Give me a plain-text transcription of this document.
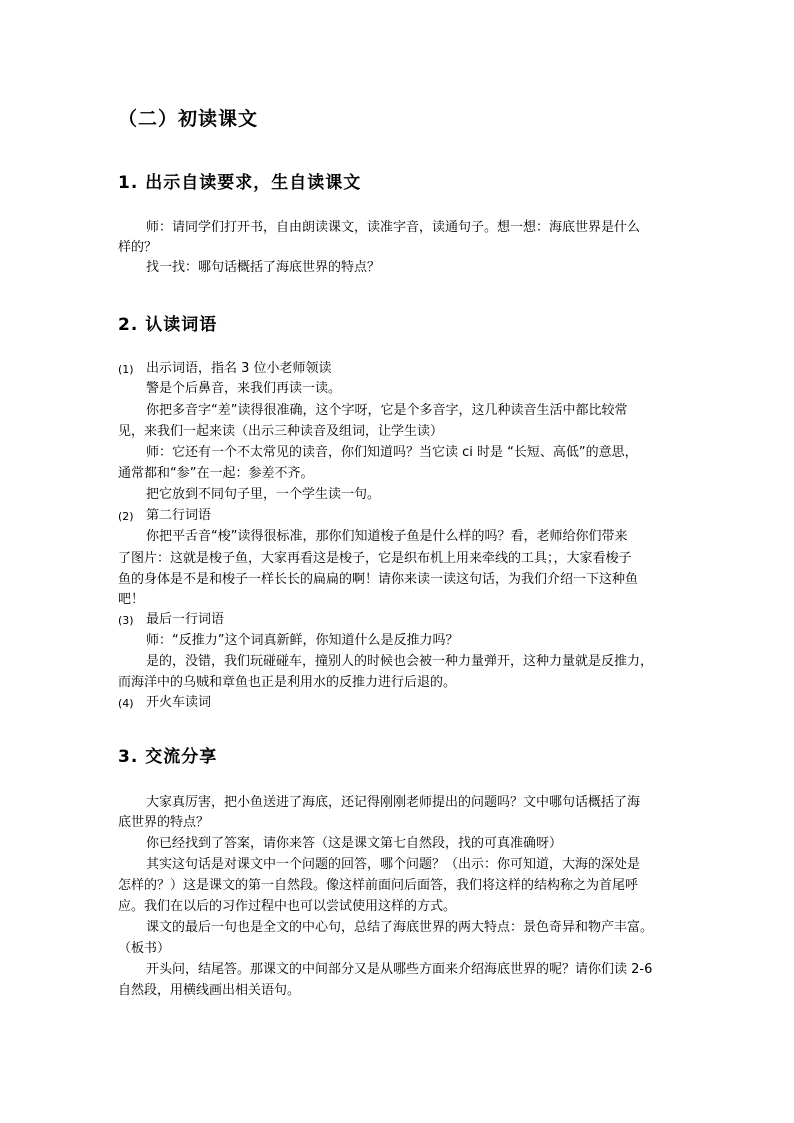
（二）初读课文
1. 出示自读要求，生自读课文

师：请同学们打开书，自由朗读课文，读准字音，读通句子。想一想：海底世界是什么

样的？

找一找：哪句话概括了海底世界的特点？

2. 认读词语
(1) 出示词语，指名 3 位小老师领读

警是个后鼻音，来我们再读一读。

你把多音字“差”读得很准确，这个字呀，它是个多音字，这几种读音生活中都比较常

见，来我们一起来读（出示三种读音及组词，让学生读）

师：它还有一个不太常见的读音，你们知道吗？当它读 ci 时是 “长短、高低”的意思，

通常都和“参”在一起：参差不齐。

把它放到不同句子里，一个学生读一句。

(2) 第二行词语

你把平舌音“梭”读得很标准，那你们知道梭子鱼是什么样的吗？看，老师给你们带来

了图片：这就是梭子鱼，大家再看这是梭子，它是织布机上用来牵线的工具；，大家看梭子

鱼的身体是不是和梭子一样长长的扁扁的啊！请你来读一读这句话，为我们介绍一下这种鱼

吧！

(3) 最后一行词语

师：“反推力”这个词真新鲜，你知道什么是反推力吗？

是的，没错，我们玩碰碰车，撞别人的时候也会被一种力量弹开，这种力量就是反推力，

而海洋中的乌贼和章鱼也正是利用水的反推力进行后退的。

(4) 开火车读词
3. 交流分享

大家真厉害，把小鱼送进了海底，还记得刚刚老师提出的问题吗？文中哪句话概括了海

底世界的特点？

你已经找到了答案，请你来答（这是课文第七自然段，找的可真准确呀）

其实这句话是对课文中一个问题的回答，哪个问题？（出示：你可知道，大海的深处是

怎样的？）这是课文的第一自然段。像这样前面问后面答，我们将这样的结构称之为首尾呼

应。我们在以后的习作过程中也可以尝试使用这样的方式。

课文的最后一句也是全文的中心句，总结了海底世界的两大特点：景色奇异和物产丰富。

（板书）

开头问，结尾答。那课文的中间部分又是从哪些方面来介绍海底世界的呢？请你们读 2-6

自然段，用横线画出相关语句。
